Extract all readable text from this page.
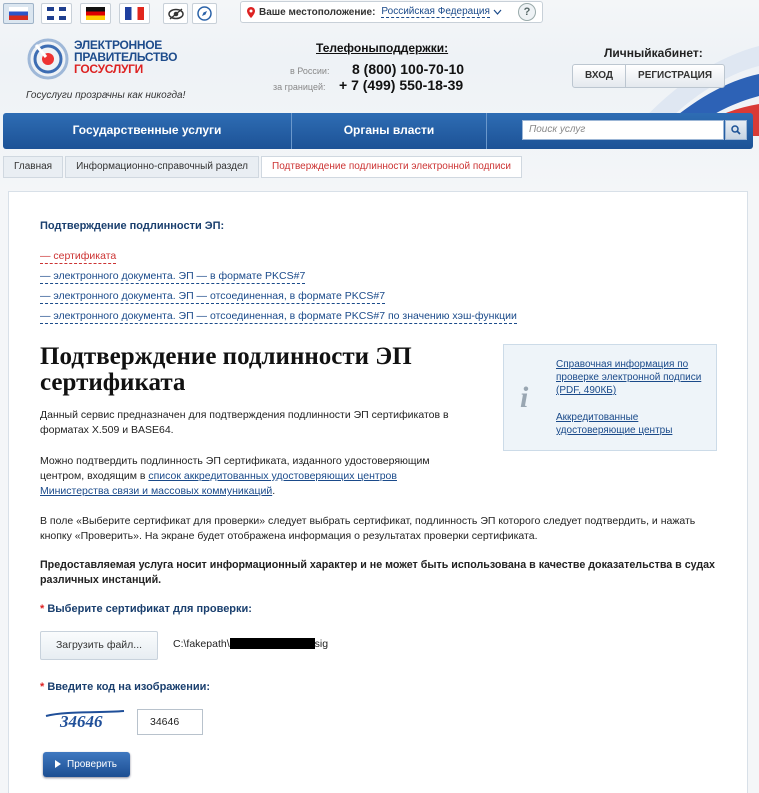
Ваше местоположение: Российская Федерация	?
ЭЛЕКТРОННОЕ
ПРАВИТЕЛЬСТВО
ГОСУСЛУГИ
Госуслуги прозрачны как никогда!
Телефоныподдержки:
в России: 8 (800) 100-70-10
за границей: + 7 (499) 550-18-39
Личныйкабинет:
ВХОД	РЕГИСТРАЦИЯ
Государственные услуги	Органы власти	Поиск услуг
Главная	Информационно-справочный раздел	Подтверждение подлинности электронной подписи
Подтверждение подлинности ЭП:
— сертификата
— электронного документа. ЭП — в формате PKCS#7
— электронного документа. ЭП — отсоединенная, в формате PKCS#7
— электронного документа. ЭП — отсоединенная, в формате PKCS#7 по значению хэш-функции
Подтверждение подлинности ЭП сертификата	i
Справочная информация по проверке электронной подписи (PDF, 490КБ)
Аккредитованные удостоверяющие центры
Данный сервис предназначен для подтверждения подлинности ЭП сертификатов в форматах X.509 и BASE64.
Можно подтвердить подлинность ЭП сертификата, изданного удостоверяющим центром, входящим в список аккредитованных удостоверяющих центров Министерства связи и массовых коммуникаций.
В поле «Выберите сертификат для проверки» следует выбрать сертификат, подлинность ЭП которого следует подтвердить, и нажать кнопку «Проверить». На экране будет отображена информация о результатах проверки сертификата.
Предоставляемая услуга носит информационный характер и не может быть использована в качестве доказательства в судах различных инстанций.
* Выберите сертификат для проверки:
Загрузить файл...	C:\fakepath\	sig
* Введите код на изображении:
34646	34646
Проверить
